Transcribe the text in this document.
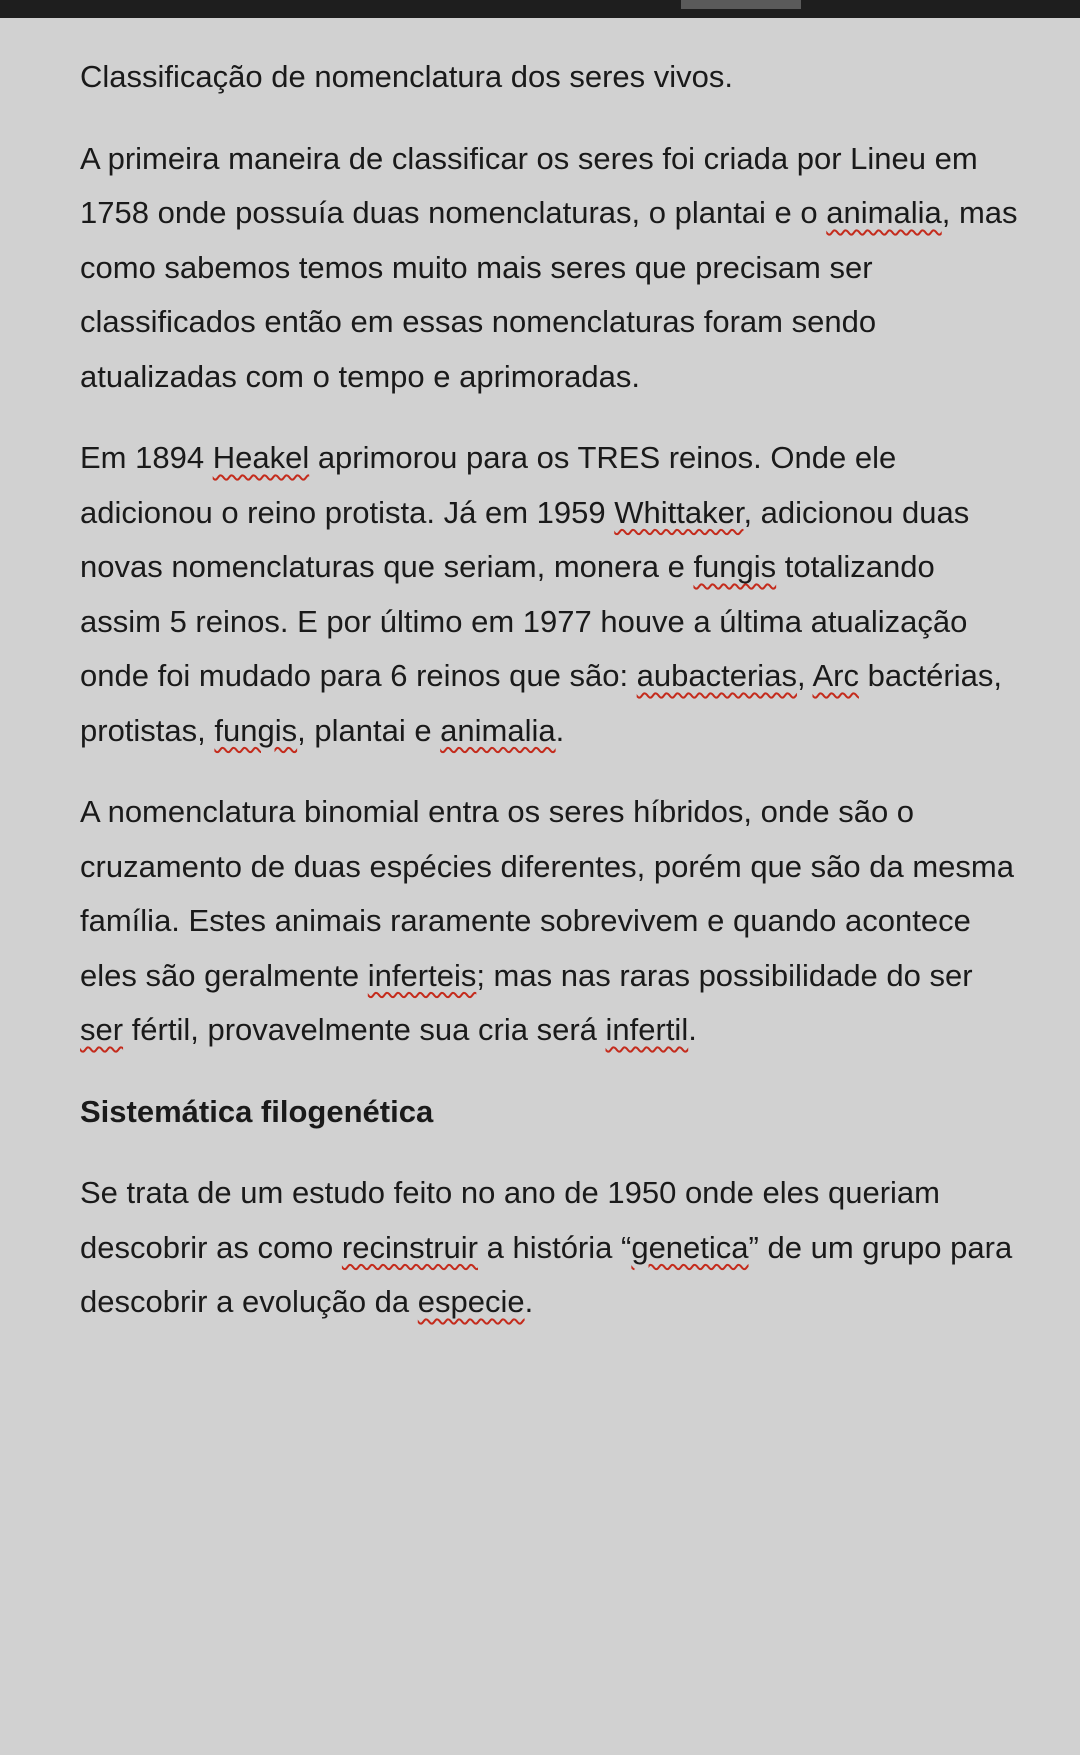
Classificação de nomenclatura dos seres vivos.

A primeira maneira de classificar os seres foi criada por Lineu em 1758 onde possuía duas nomenclaturas, o plantai e o animalia, mas como sabemos temos muito mais seres que precisam ser classificados então em essas nomenclaturas foram sendo atualizadas com o tempo e aprimoradas.

Em 1894 Heakel aprimorou para os TRES reinos. Onde ele adicionou o reino protista. Já em 1959 Whittaker, adicionou duas novas nomenclaturas que seriam, monera e fungis totalizando assim 5 reinos. E por último em 1977 houve a última atualização onde foi mudado para 6 reinos que são: aubacterias, Arc bactérias, protistas, fungis, plantai e animalia.

A nomenclatura binomial entra os seres híbridos, onde são o cruzamento de duas espécies diferentes, porém que são da mesma família. Estes animais raramente sobrevivem e quando acontece eles são geralmente inferteis; mas nas raras possibilidade do ser ser fértil, provavelmente sua cria será infertil.

Sistemática filogenética

Se trata de um estudo feito no ano de 1950 onde eles queriam descobrir as como recinstruir a história “genetica” de um grupo para descobrir a evolução da especie.
